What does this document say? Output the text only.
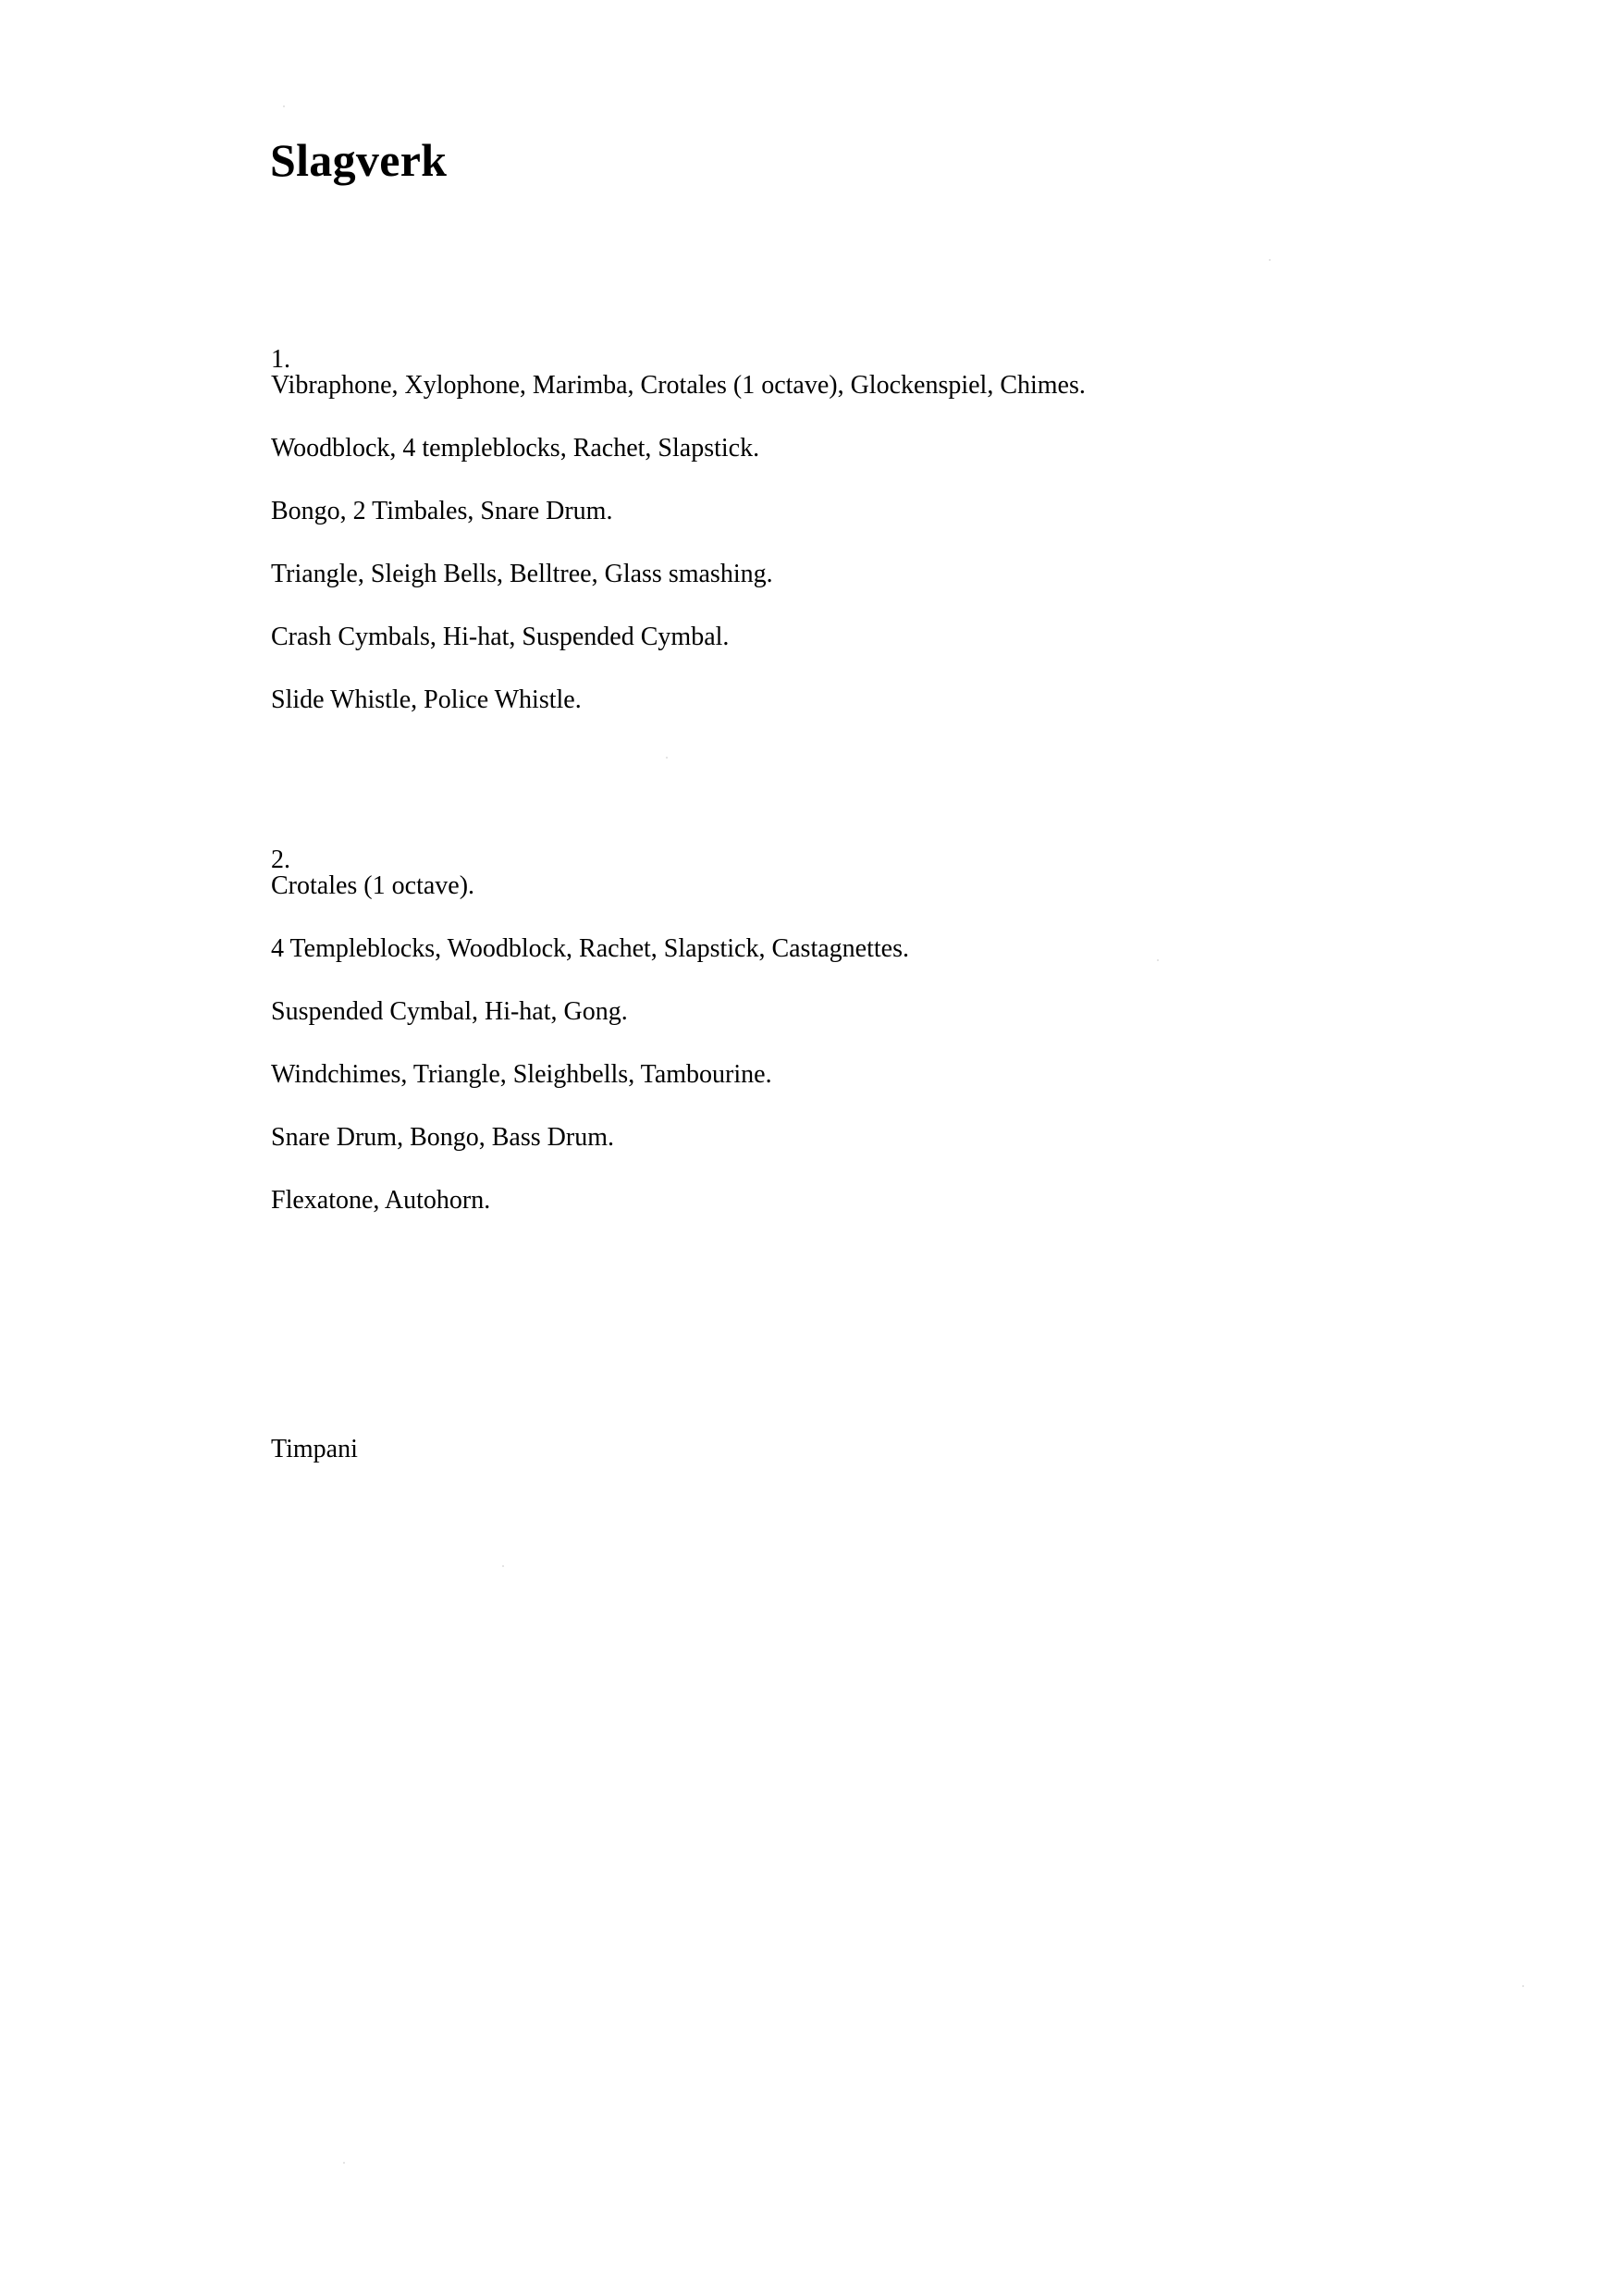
Slagverk

1.

Vibraphone, Xylophone, Marimba, Crotales (1 octave), Glockenspiel, Chimes.

Woodblock, 4 templeblocks, Rachet, Slapstick.

Bongo, 2 Timbales, Snare Drum.

Triangle, Sleigh Bells, Belltree, Glass smashing.

Crash Cymbals, Hi-hat, Suspended Cymbal.

Slide Whistle, Police Whistle.

2.

Crotales (1 octave).

4 Templeblocks, Woodblock, Rachet, Slapstick, Castagnettes.

Suspended Cymbal, Hi-hat, Gong.

Windchimes, Triangle, Sleighbells, Tambourine.

Snare Drum, Bongo, Bass Drum.

Flexatone, Autohorn.

Timpani
